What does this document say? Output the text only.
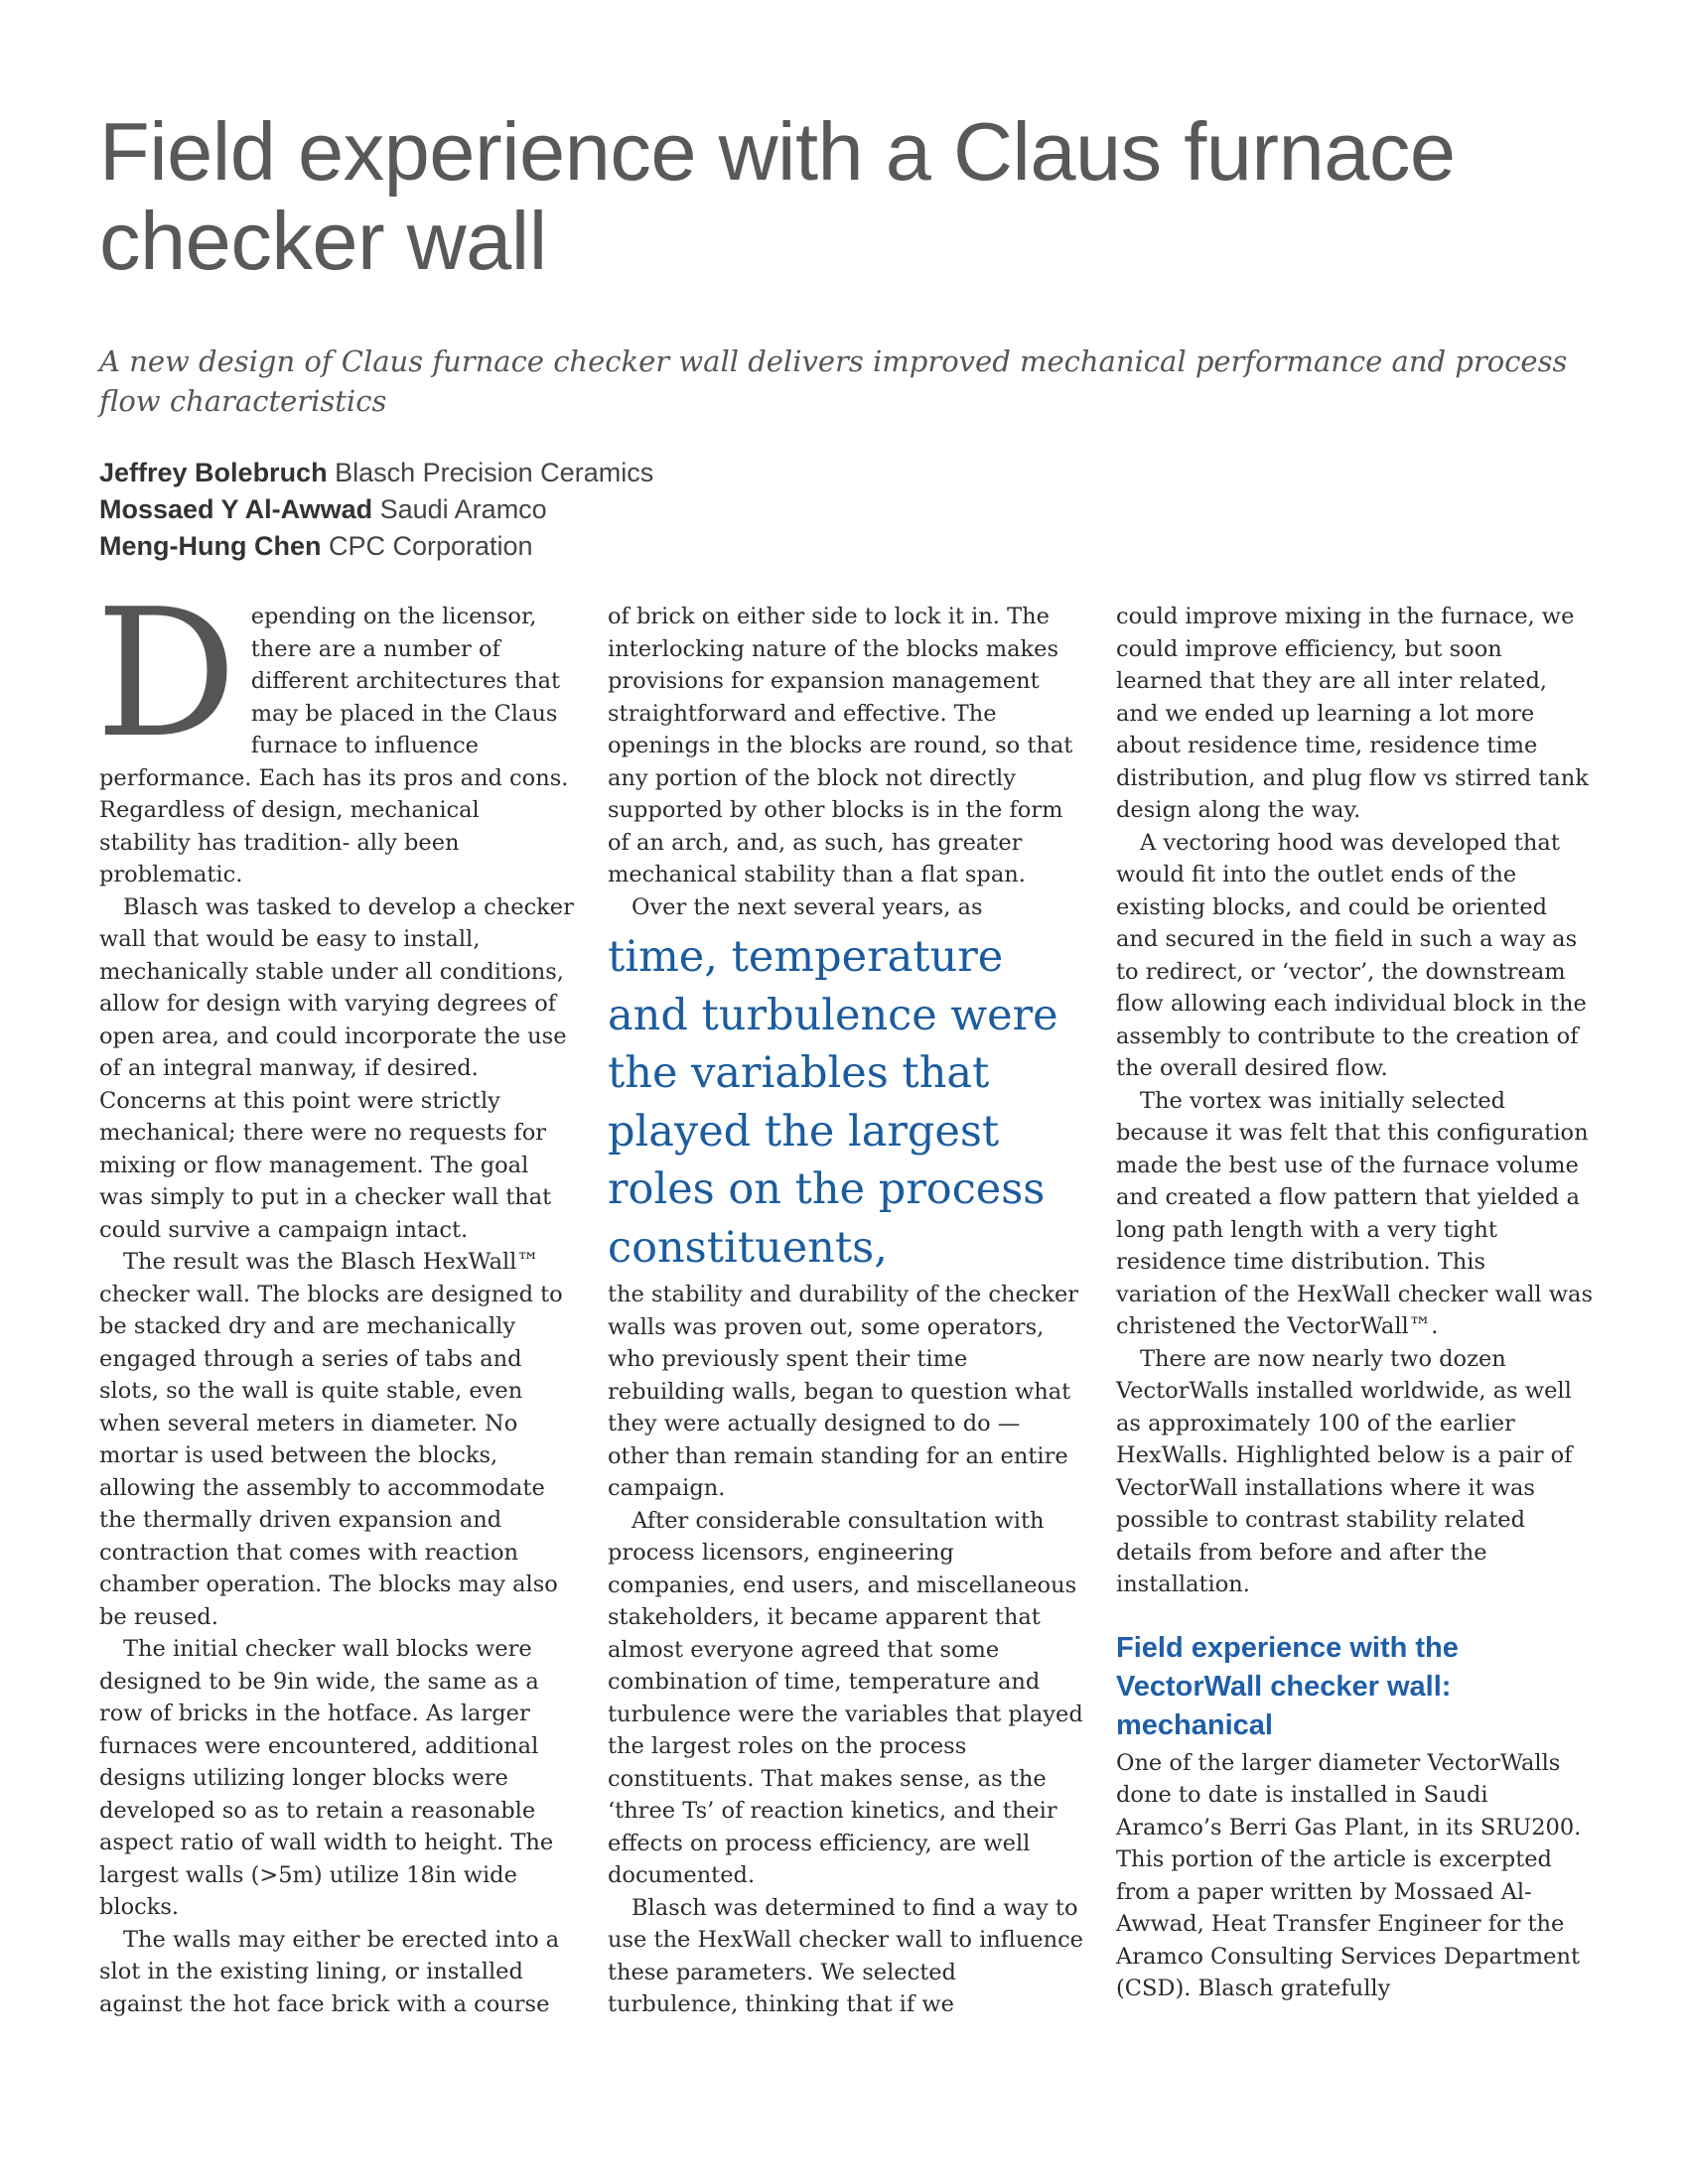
Field experience with a Claus furnace checker wall

A new design of Claus furnace checker wall delivers improved mechanical performance and process flow characteristics

Jeffrey Bolebruch Blasch Precision Ceramics
Mossaed Y Al-Awwad Saudi Aramco
Meng-Hung Chen CPC Corporation

Depending on the licensor, there are a number of different architectures that may be placed in the Claus furnace to influence performance. Each has its pros and cons. Regardless of design, mechanical stability has tradition- ally been problematic.

Blasch was tasked to develop a checker wall that would be easy to install, mechanically stable under all conditions, allow for design with varying degrees of open area, and could incorporate the use of an integral manway, if desired. Concerns at this point were strictly mechanical; there were no requests for mixing or flow management. The goal was simply to put in a checker wall that could survive a campaign intact.

The result was the Blasch HexWall™ checker wall. The blocks are designed to be stacked dry and are mechanically engaged through a series of tabs and slots, so the wall is quite stable, even when several meters in diameter. No mortar is used between the blocks, allowing the assembly to accommodate the thermally driven expansion and contraction that comes with reaction chamber operation. The blocks may also be reused.

The initial checker wall blocks were designed to be 9in wide, the same as a row of bricks in the hotface. As larger furnaces were encountered, additional designs utilizing longer blocks were developed so as to retain a reasonable aspect ratio of wall width to height. The largest walls (>5m) utilize 18in wide blocks.

The walls may either be erected into a slot in the existing lining, or installed against the hot face brick with a course

of brick on either side to lock it in. The interlocking nature of the blocks makes provisions for expansion management straightforward and effective. The openings in the blocks are round, so that any portion of the block not directly supported by other blocks is in the form of an arch, and, as such, has greater mechanical stability than a flat span.

Over the next several years, as

time, temperature and turbulence were the variables that played the largest roles on the process constituents,

the stability and durability of the checker walls was proven out, some operators, who previously spent their time rebuilding walls, began to question what they were actually designed to do — other than remain standing for an entire campaign.

After considerable consultation with process licensors, engineering companies, end users, and miscellaneous stakeholders, it became apparent that almost everyone agreed that some combination of time, temperature and turbulence were the variables that played the largest roles on the process constituents. That makes sense, as the ‘three Ts’ of reaction kinetics, and their effects on process efficiency, are well documented.

Blasch was determined to find a way to use the HexWall checker wall to influence these parameters. We selected turbulence, thinking that if we

could improve mixing in the furnace, we could improve efficiency, but soon learned that they are all inter related, and we ended up learning a lot more about residence time, residence time distribution, and plug flow vs stirred tank design along the way.

A vectoring hood was developed that would fit into the outlet ends of the existing blocks, and could be oriented and secured in the field in such a way as to redirect, or ‘vector’, the downstream flow allowing each individual block in the assembly to contribute to the creation of the overall desired flow.

The vortex was initially selected because it was felt that this configuration made the best use of the furnace volume and created a flow pattern that yielded a long path length with a very tight residence time distribution. This variation of the HexWall checker wall was christened the VectorWall™.

There are now nearly two dozen VectorWalls installed worldwide, as well as approximately 100 of the earlier HexWalls. Highlighted below is a pair of VectorWall installations where it was possible to contrast stability related details from before and after the installation.

Field experience with the VectorWall checker wall: mechanical

One of the larger diameter VectorWalls done to date is installed in Saudi Aramco’s Berri Gas Plant, in its SRU200. This portion of the article is excerpted from a paper written by Mossaed Al-Awwad, Heat Transfer Engineer for the Aramco Consulting Services Department (CSD). Blasch gratefully
